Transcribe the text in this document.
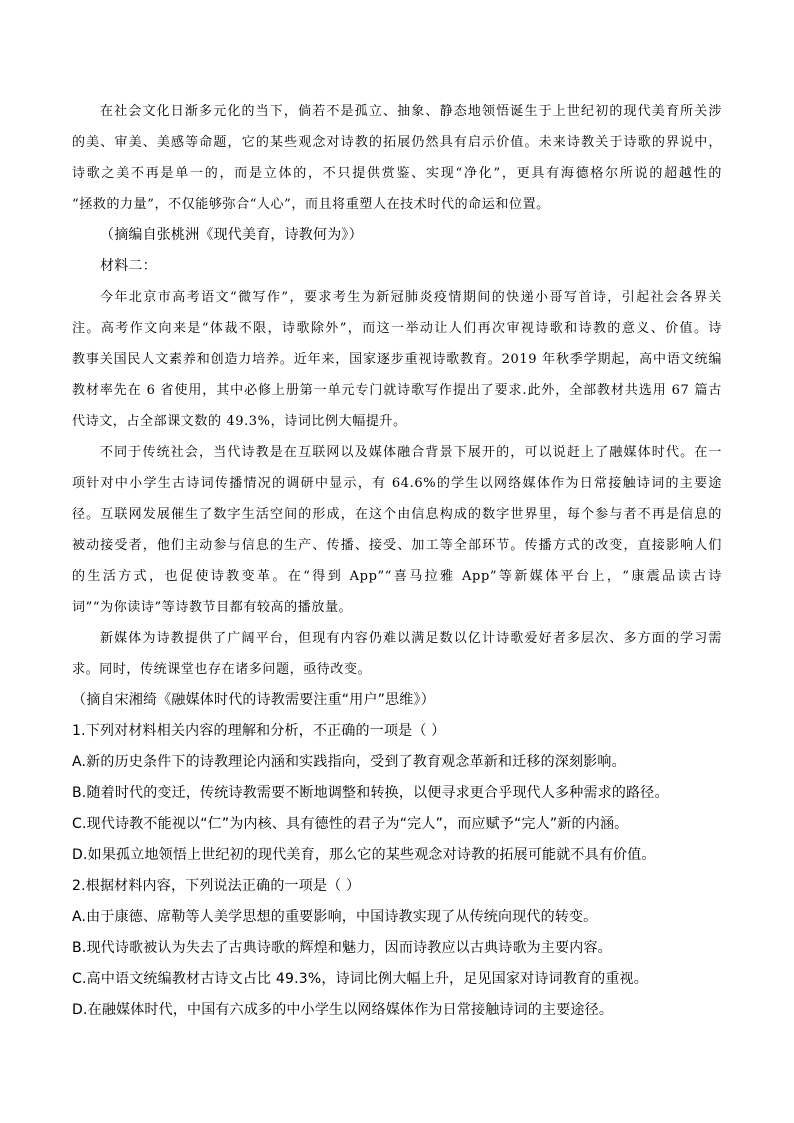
在社会文化日渐多元化的当下，倘若不是孤立、抽象、静态地领悟诞生于上世纪初的现代美育所关涉

的美、审美、美感等命题，它的某些观念对诗教的拓展仍然具有启示价值。未来诗教关于诗歌的界说中，

诗歌之美不再是单一的，而是立体的，不只提供赏鉴、实现“净化”，更具有海德格尔所说的超越性的

“拯救的力量”，不仅能够弥合“人心”，而且将重塑人在技术时代的命运和位置。

（摘编自张桃洲《现代美育，诗教何为》）

材料二：

今年北京市高考语文“微写作”，要求考生为新冠肺炎疫情期间的快递小哥写首诗，引起社会各界关

注。高考作文向来是“体裁不限，诗歌除外”，而这一举动让人们再次审视诗歌和诗教的意义、价值。诗

教事关国民人文素养和创造力培养。近年来，国家逐步重视诗歌教育。2019 年秋季学期起，高中语文统编

教材率先在 6 省使用，其中必修上册第一单元专门就诗歌写作提出了要求.此外，全部教材共选用 67 篇古

代诗文，占全部课文数的 49.3%，诗词比例大幅提升。

不同于传统社会，当代诗教是在互联网以及媒体融合背景下展开的，可以说赶上了融媒体时代。在一

项针对中小学生古诗词传播情况的调研中显示，有 64.6%的学生以网络媒体作为日常接触诗词的主要途

径。互联网发展催生了数字生活空间的形成，在这个由信息构成的数字世界里，每个参与者不再是信息的

被动接受者，他们主动参与信息的生产、传播、接受、加工等全部环节。传播方式的改变，直接影响人们

的生活方式，也促使诗教变革。在“得到 App”“喜马拉雅 App”等新媒体平台上，“康震品读古诗

词”“为你读诗”等诗教节目都有较高的播放量。

新媒体为诗教提供了广阔平台，但现有内容仍难以满足数以亿计诗歌爱好者多层次、多方面的学习需

求。同时，传统课堂也存在诸多问题，亟待改变。

（摘自宋湘绮《融媒体时代的诗教需要注重“用户”思维》）

1.下列对材料相关内容的理解和分析，不正确的一项是（ ）

A.新的历史条件下的诗教理论内涵和实践指向，受到了教育观念革新和迁移的深刻影响。

B.随着时代的变迁，传统诗教需要不断地调整和转换，以便寻求更合乎现代人多种需求的路径。

C.现代诗教不能视以“仁”为内核、具有德性的君子为“完人”，而应赋予“完人”新的内涵。

D.如果孤立地领悟上世纪初的现代美育，那么它的某些观念对诗教的拓展可能就不具有价值。

2.根据材料内容，下列说法正确的一项是（ ）

A.由于康德、席勒等人美学思想的重要影响，中国诗教实现了从传统向现代的转变。

B.现代诗歌被认为失去了古典诗歌的辉煌和魅力，因而诗教应以古典诗歌为主要内容。

C.高中语文统编教材古诗文占比 49.3%，诗词比例大幅上升，足见国家对诗词教育的重视。

D.在融媒体时代，中国有六成多的中小学生以网络媒体作为日常接触诗词的主要途径。
